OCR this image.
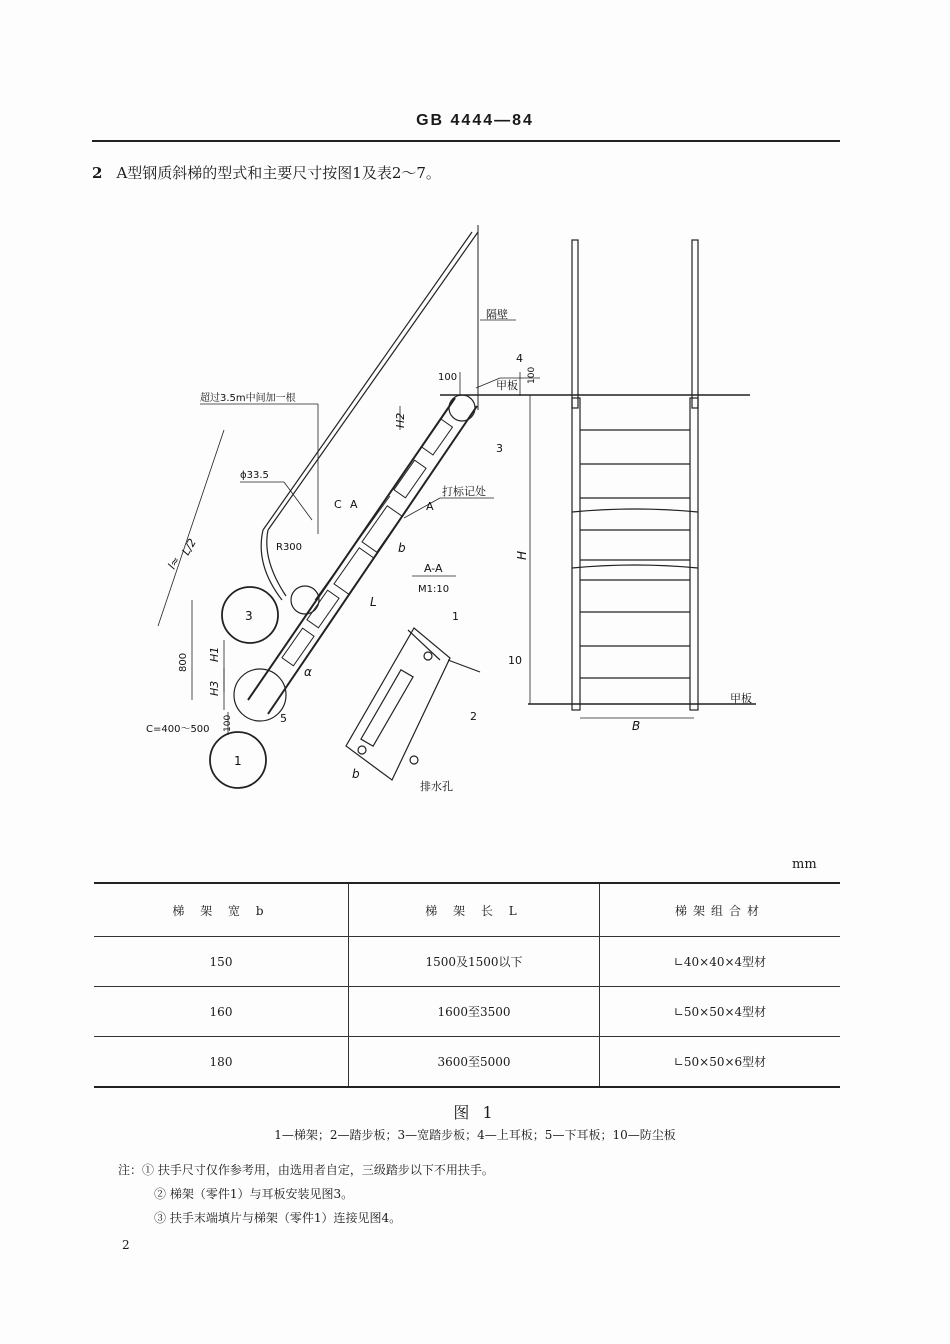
GB 4444—84
2 A型钢质斜梯的型式和主要尺寸按图1及表2～7。
隔壁
甲板
甲板
超过3.5m中间加一根
ϕ33.5
R300
打标记处
A-A
M1:10
排水孔
100	100
800
100
C=400～500
H
H1
H2
H3
L
L/2
l≈
B
b
b
α
C A	A
1
2
3
4
5
10
3
1
mm
梯 架 宽 b	梯 架 长 L	梯架组合材
150	1500及1500以下	∟40×40×4型材
160	1600至3500	∟50×50×4型材
180	3600至5000	∟50×50×6型材
图 1
1—梯架；2—踏步板；3—宽踏步板；4—上耳板；5—下耳板；10—防尘板
注：① 扶手尺寸仅作参考用，由选用者自定，三级踏步以下不用扶手。
② 梯架（零件1）与耳板安装见图3。
③ 扶手末端填片与梯架（零件1）连接见图4。
2
